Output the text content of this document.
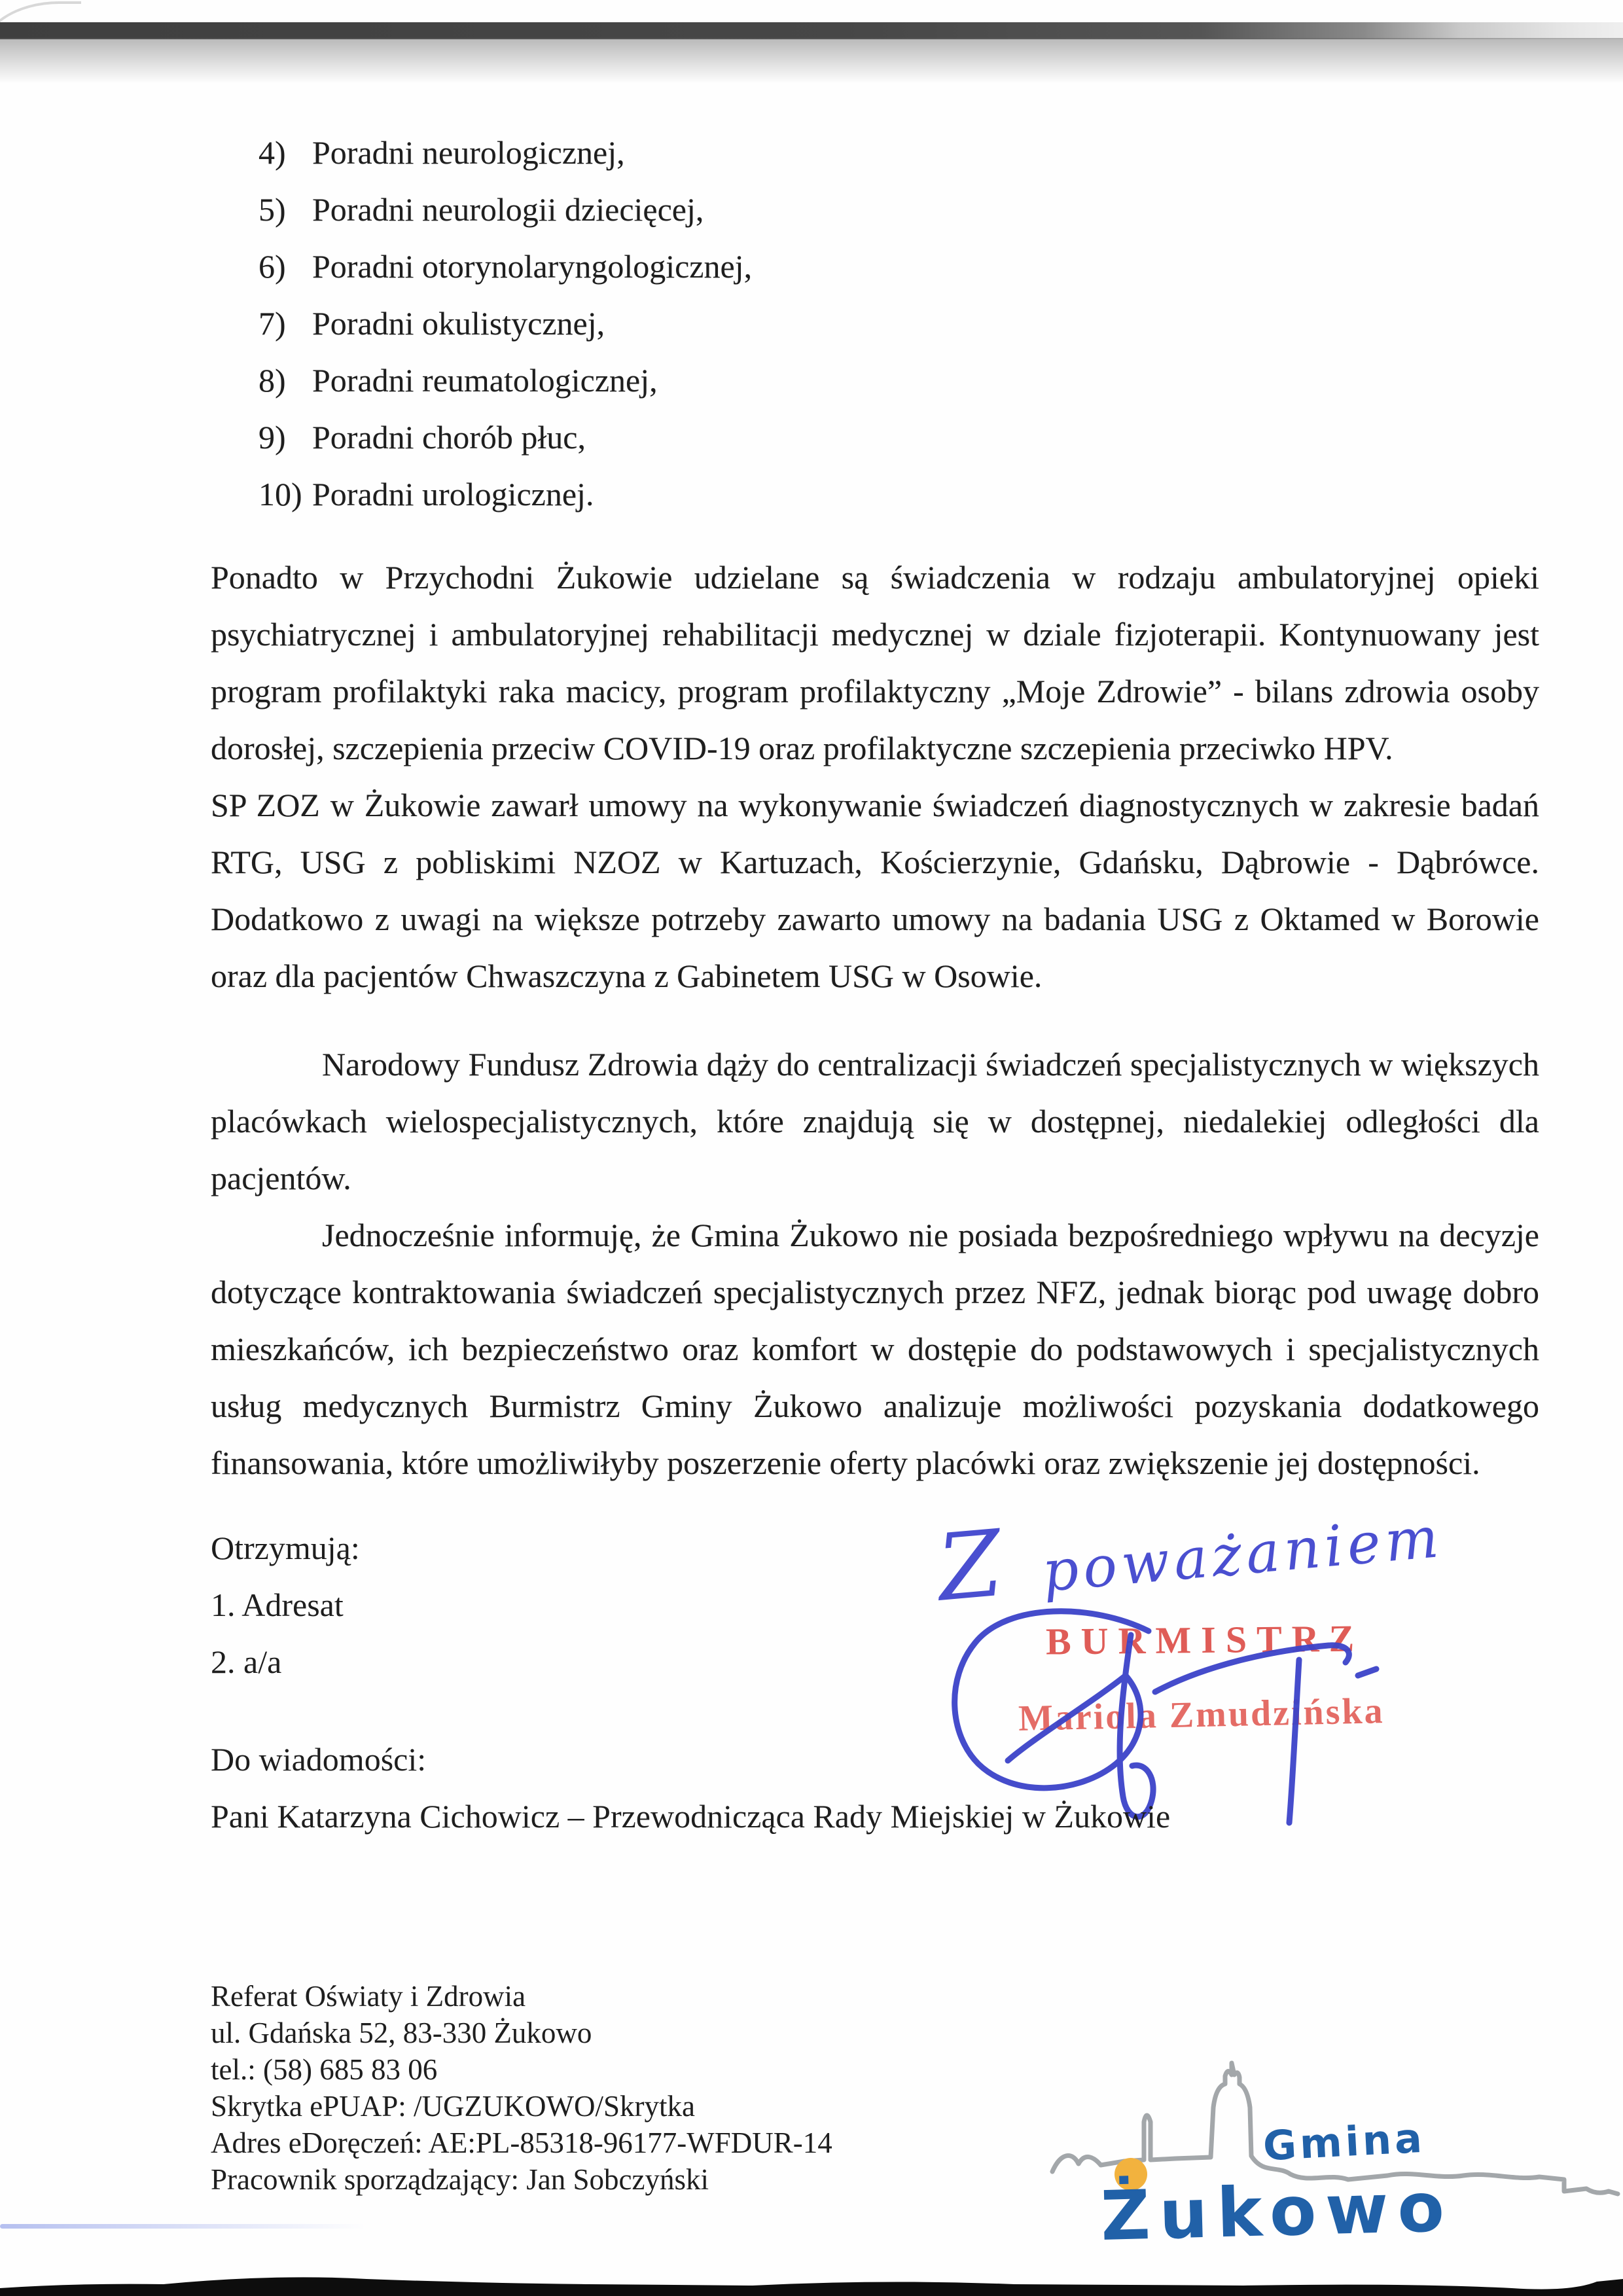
4) Poradni neurologicznej,
5) Poradni neurologii dziecięcej,
6) Poradni otorynolaryngologicznej,
7) Poradni okulistycznej,
8) Poradni reumatologicznej,
9) Poradni chorób płuc,
10) Poradni urologicznej.

Ponadto w Przychodni Żukowie udzielane są świadczenia w rodzaju ambulatoryjnej opieki psychiatrycznej i ambulatoryjnej rehabilitacji medycznej w dziale fizjoterapii. Kontynuowany jest program profilaktyki raka macicy, program profilaktyczny „Moje Zdrowie” - bilans zdrowia osoby dorosłej, szczepienia przeciw COVID-19 oraz profilaktyczne szczepienia przeciwko HPV.

SP ZOZ w Żukowie zawarł umowy na wykonywanie świadczeń diagnostycznych w zakresie badań RTG, USG z pobliskimi NZOZ w Kartuzach, Kościerzynie, Gdańsku, Dąbrowie - Dąbrówce. Dodatkowo z uwagi na większe potrzeby zawarto umowy na badania USG z Oktamed w Borowie oraz dla pacjentów Chwaszczyna z Gabinetem USG w Osowie.

Narodowy Fundusz Zdrowia dąży do centralizacji świadczeń specjalistycznych w większych placówkach wielospecjalistycznych, które znajdują się w dostępnej, niedalekiej odległości dla pacjentów.

Jednocześnie informuję, że Gmina Żukowo nie posiada bezpośredniego wpływu na decyzje dotyczące kontraktowania świadczeń specjalistycznych przez NFZ, jednak biorąc pod uwagę dobro mieszkańców, ich bezpieczeństwo oraz komfort w dostępie do podstawowych i specjalistycznych usług medycznych Burmistrz Gminy Żukowo analizuje możliwości pozyskania dodatkowego finansowania, które umożliwiłyby poszerzenie oferty placówki oraz zwiększenie jej dostępności.

Otrzymują:
1. Adresat
2. a/a
Z poważaniem
BURMISTRZ
Mariola Zmudzińska
Do wiadomości:
Pani Katarzyna Cichowicz – Przewodnicząca Rady Miejskiej w Żukowie
Referat Oświaty i Zdrowia
ul. Gdańska 52, 83-330 Żukowo
tel.: (58) 685 83 06
Skrytka ePUAP: /UGZUKOWO/Skrytka
Adres eDoręczeń: AE:PL-85318-96177-WFDUR-14
Pracownik sporządzający: Jan Sobczyński
Gmina
Żukowo
